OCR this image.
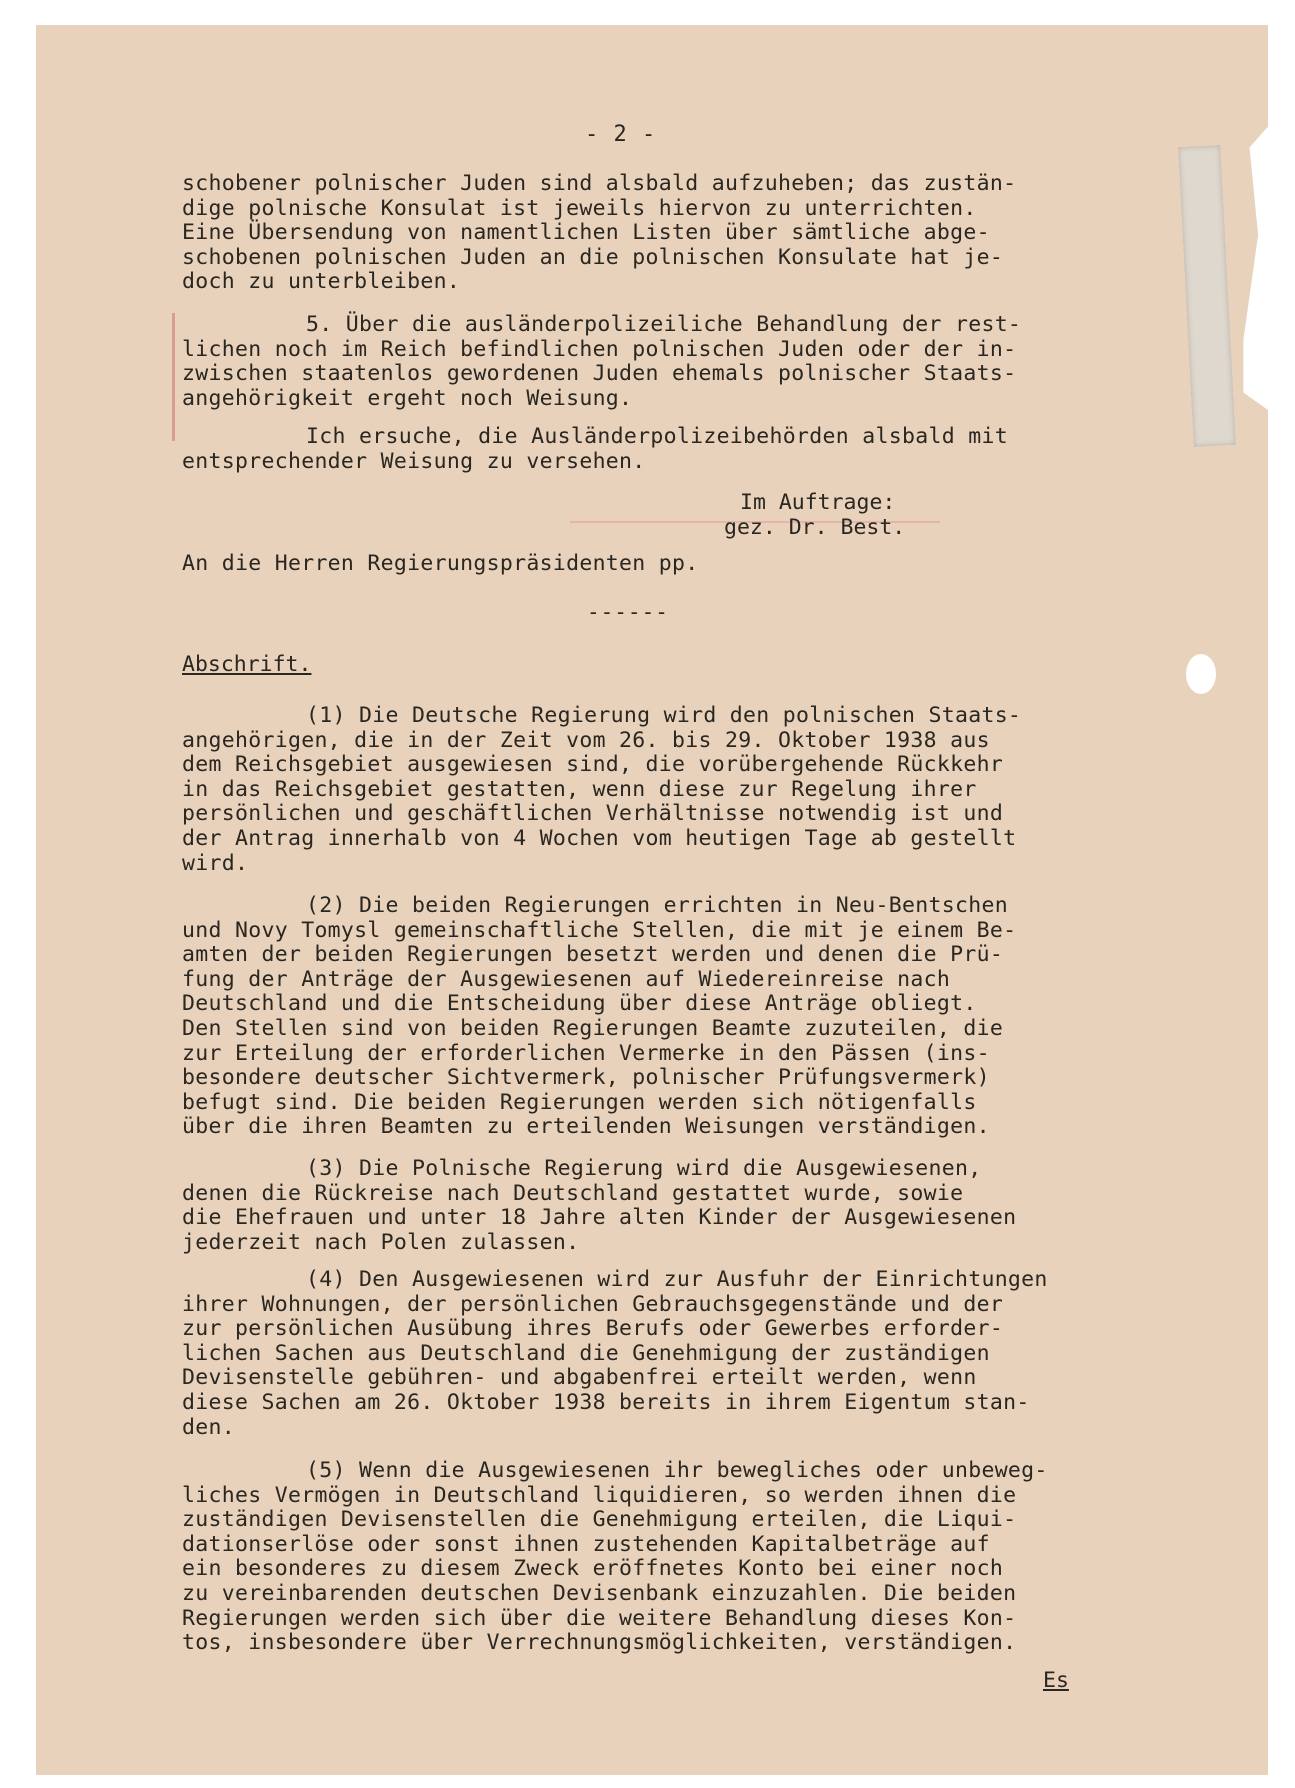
- 2 -

schobener polnischer Juden sind alsbald aufzuheben; das zustän-
dige polnische Konsulat ist jeweils hiervon zu unterrichten.
Eine Übersendung von namentlichen Listen über sämtliche abge-
schobenen polnischen Juden an die polnischen Konsulate hat je-
doch zu unterbleiben.

5. Über die ausländerpolizeiliche Behandlung der rest-
lichen noch im Reich befindlichen polnischen Juden oder der in-
zwischen staatenlos gewordenen Juden ehemals polnischer Staats-
angehörigkeit ergeht noch Weisung.

Ich ersuche, die Ausländerpolizeibehörden alsbald mit
entsprechender Weisung zu versehen.

Im Auftrage:
gez. Dr. Best.

An die Herren Regierungspräsidenten pp.

------
Abschrift.

(1) Die Deutsche Regierung wird den polnischen Staats-
angehörigen, die in der Zeit vom 26. bis 29. Oktober 1938 aus
dem Reichsgebiet ausgewiesen sind, die vorübergehende Rückkehr
in das Reichsgebiet gestatten, wenn diese zur Regelung ihrer
persönlichen und geschäftlichen Verhältnisse notwendig ist und
der Antrag innerhalb von 4 Wochen vom heutigen Tage ab gestellt
wird.

(2) Die beiden Regierungen errichten in Neu-Bentschen
und Novy Tomysl gemeinschaftliche Stellen, die mit je einem Be-
amten der beiden Regierungen besetzt werden und denen die Prü-
fung der Anträge der Ausgewiesenen auf Wiedereinreise nach
Deutschland und die Entscheidung über diese Anträge obliegt.
Den Stellen sind von beiden Regierungen Beamte zuzuteilen, die
zur Erteilung der erforderlichen Vermerke in den Pässen (ins-
besondere deutscher Sichtvermerk, polnischer Prüfungsvermerk)
befugt sind. Die beiden Regierungen werden sich nötigenfalls
über die ihren Beamten zu erteilenden Weisungen verständigen.

(3) Die Polnische Regierung wird die Ausgewiesenen,
denen die Rückreise nach Deutschland gestattet wurde, sowie
die Ehefrauen und unter 18 Jahre alten Kinder der Ausgewiesenen
jederzeit nach Polen zulassen.

(4) Den Ausgewiesenen wird zur Ausfuhr der Einrichtungen
ihrer Wohnungen, der persönlichen Gebrauchsgegenstände und der
zur persönlichen Ausübung ihres Berufs oder Gewerbes erforder-
lichen Sachen aus Deutschland die Genehmigung der zuständigen
Devisenstelle gebühren- und abgabenfrei erteilt werden, wenn
diese Sachen am 26. Oktober 1938 bereits in ihrem Eigentum stan-
den.

(5) Wenn die Ausgewiesenen ihr bewegliches oder unbeweg-
liches Vermögen in Deutschland liquidieren, so werden ihnen die
zuständigen Devisenstellen die Genehmigung erteilen, die Liqui-
dationserlöse oder sonst ihnen zustehenden Kapitalbeträge auf
ein besonderes zu diesem Zweck eröffnetes Konto bei einer noch
zu vereinbarenden deutschen Devisenbank einzuzahlen. Die beiden
Regierungen werden sich über die weitere Behandlung dieses Kon-
tos, insbesondere über Verrechnungsmöglichkeiten, verständigen.

Es
